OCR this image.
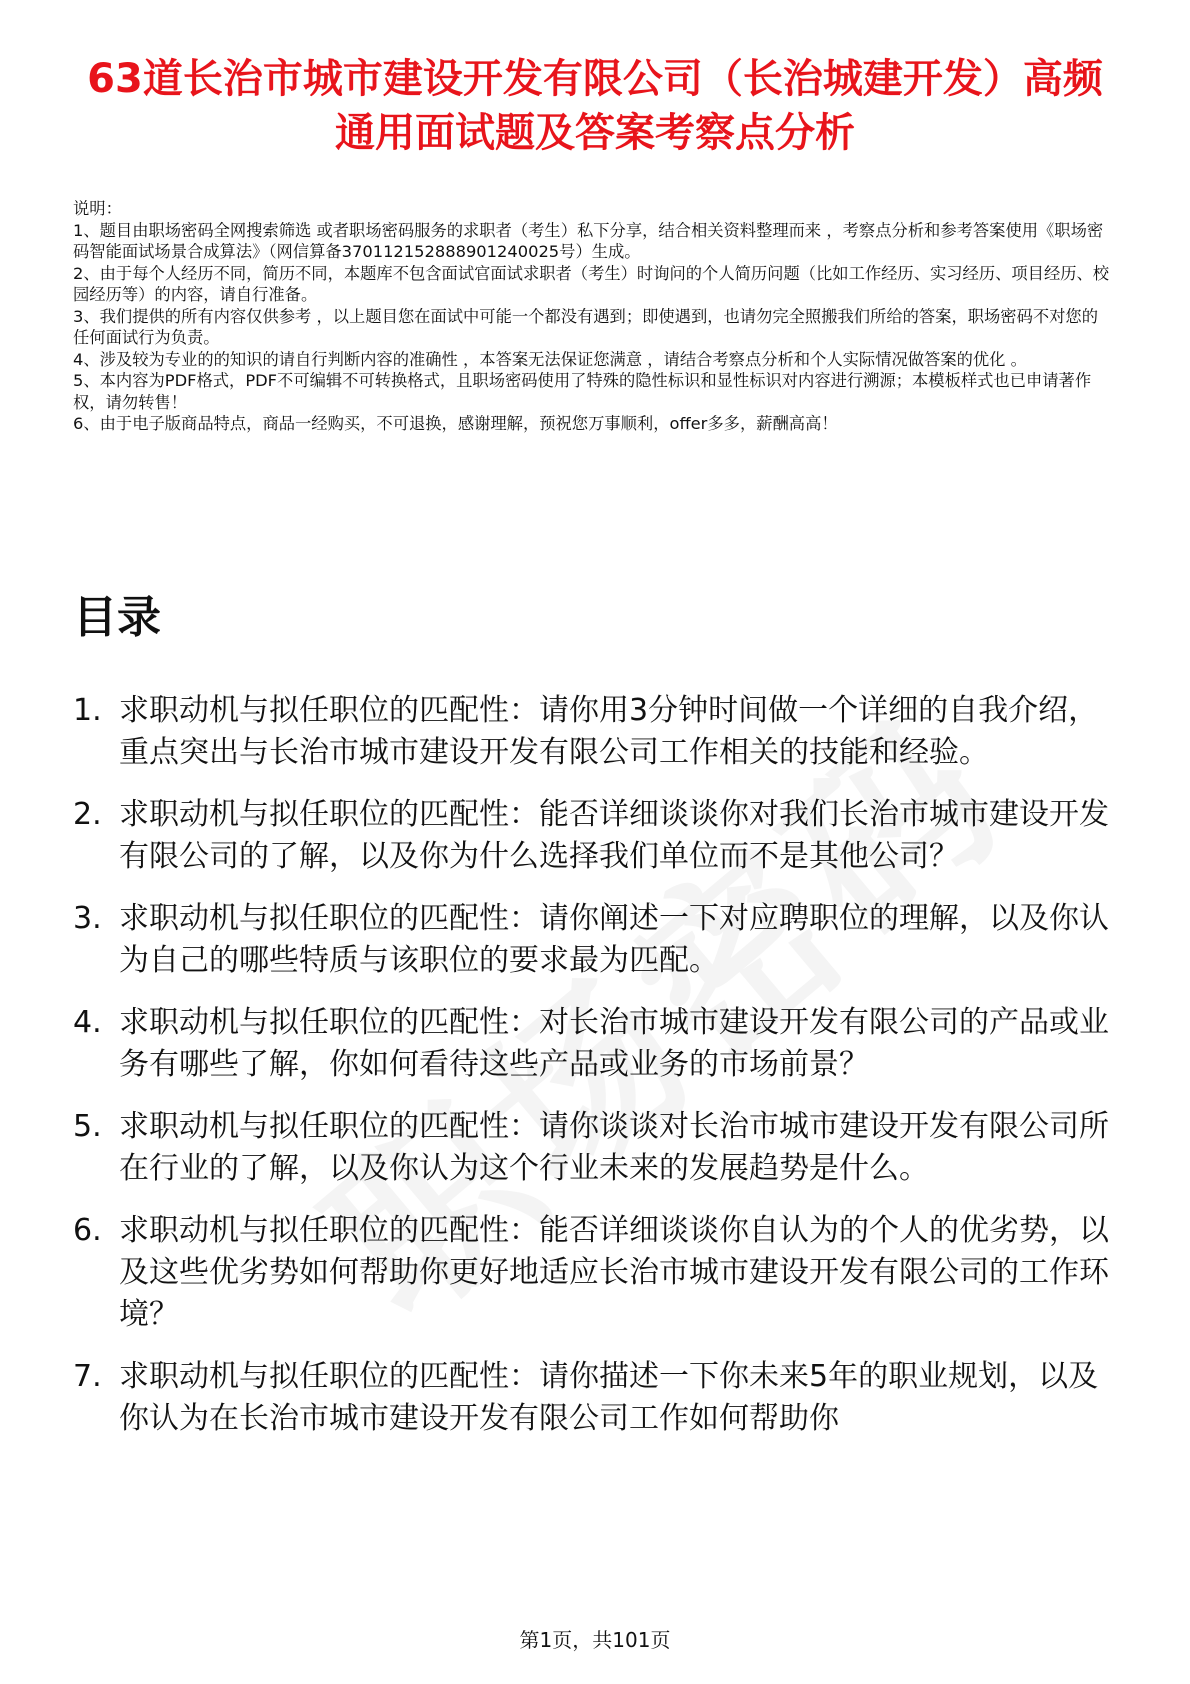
63道长治市城市建设开发有限公司（长治城建开发）高频通用面试题及答案考察点分析

说明：

1、题目由职场密码全网搜索筛选 或者职场密码服务的求职者（考生）私下分享，结合相关资料整理而来 ，考察点分析和参考答案使用《职场密码智能面试场景合成算法》（网信算备370112152888901240025号）生成。

2、由于每个人经历不同，简历不同，本题库不包含面试官面试求职者（考生）时询问的个人简历问题（比如工作经历、实习经历、项目经历、校园经历等）的内容，请自行准备。

3、我们提供的所有内容仅供参考 ，以上题目您在面试中可能一个都没有遇到；即使遇到，也请勿完全照搬我们所给的答案，职场密码不对您的任何面试行为负责。

4、涉及较为专业的的知识的请自行判断内容的准确性 ，本答案无法保证您满意 ，请结合考察点分析和个人实际情况做答案的优化 。

5、本内容为PDF格式，PDF不可编辑不可转换格式，且职场密码使用了特殊的隐性标识和显性标识对内容进行溯源；本模板样式也已申请著作权，请勿转售！

6、由于电子版商品特点，商品一经购买，不可退换，感谢理解，预祝您万事顺利，offer多多，薪酬高高！

目录
1. 求职动机与拟任职位的匹配性：请你用3分钟时间做一个详细的自我介绍，重点突出与长治市城市建设开发有限公司工作相关的技能和经验。
2. 求职动机与拟任职位的匹配性：能否详细谈谈你对我们长治市城市建设开发有限公司的了解，以及你为什么选择我们单位而不是其他公司？
3. 求职动机与拟任职位的匹配性：请你阐述一下对应聘职位的理解，以及你认为自己的哪些特质与该职位的要求最为匹配。
4. 求职动机与拟任职位的匹配性：对长治市城市建设开发有限公司的产品或业务有哪些了解，你如何看待这些产品或业务的市场前景？
5. 求职动机与拟任职位的匹配性：请你谈谈对长治市城市建设开发有限公司所在行业的了解，以及你认为这个行业未来的发展趋势是什么。
6. 求职动机与拟任职位的匹配性：能否详细谈谈你自认为的个人的优劣势，以及这些优劣势如何帮助你更好地适应长治市城市建设开发有限公司的工作环境？
7. 求职动机与拟任职位的匹配性：请你描述一下你未来5年的职业规划，以及你认为在长治市城市建设开发有限公司工作如何帮助你
第1页，共101页
